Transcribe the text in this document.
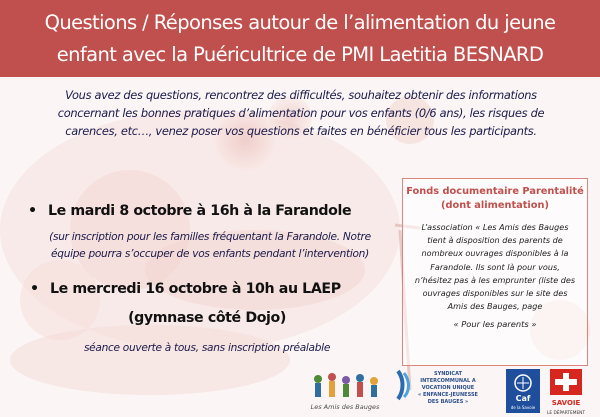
Questions / Réponses autour de l’alimentation du jeune
enfant avec la Puéricultrice de PMI Laetitia BESNARD
Vous avez des questions, rencontrez des difficultés, souhaitez obtenir des informations
concernant les bonnes pratiques d’alimentation pour vos enfants (0/6 ans), les risques de
carences, etc…, venez poser vos questions et faites en bénéficier tous les participants.
• Le mardi 8 octobre à 16h à la Farandole
(sur inscription pour les familles fréquentant la Farandole. Notre
équipe pourra s’occuper de vos enfants pendant l’intervention)
• Le mercredi 16 octobre à 10h au LAEP
(gymnase côté Dojo)
séance ouverte à tous, sans inscription préalable
Fonds documentaire Parentalité
(dont alimentation)
L’association « Les Amis des Bauges
tient à disposition des parents de
nombreux ouvrages disponibles à la
Farandole. Ils sont là pour vous,
n’hésitez pas à les emprunter (liste des
ouvrages disponibles sur le site des
Amis des Bauges, page
« Pour les parents »
Les Amis des Bauges
SYNDICAT
INTERCOMMUNAL A
VOCATION UNIQUE
« ENFANCE-JEUNESSE
DES BAUGES »	Caf
de la Savoie
SAVOIE
LE DÉPARTEMENT
